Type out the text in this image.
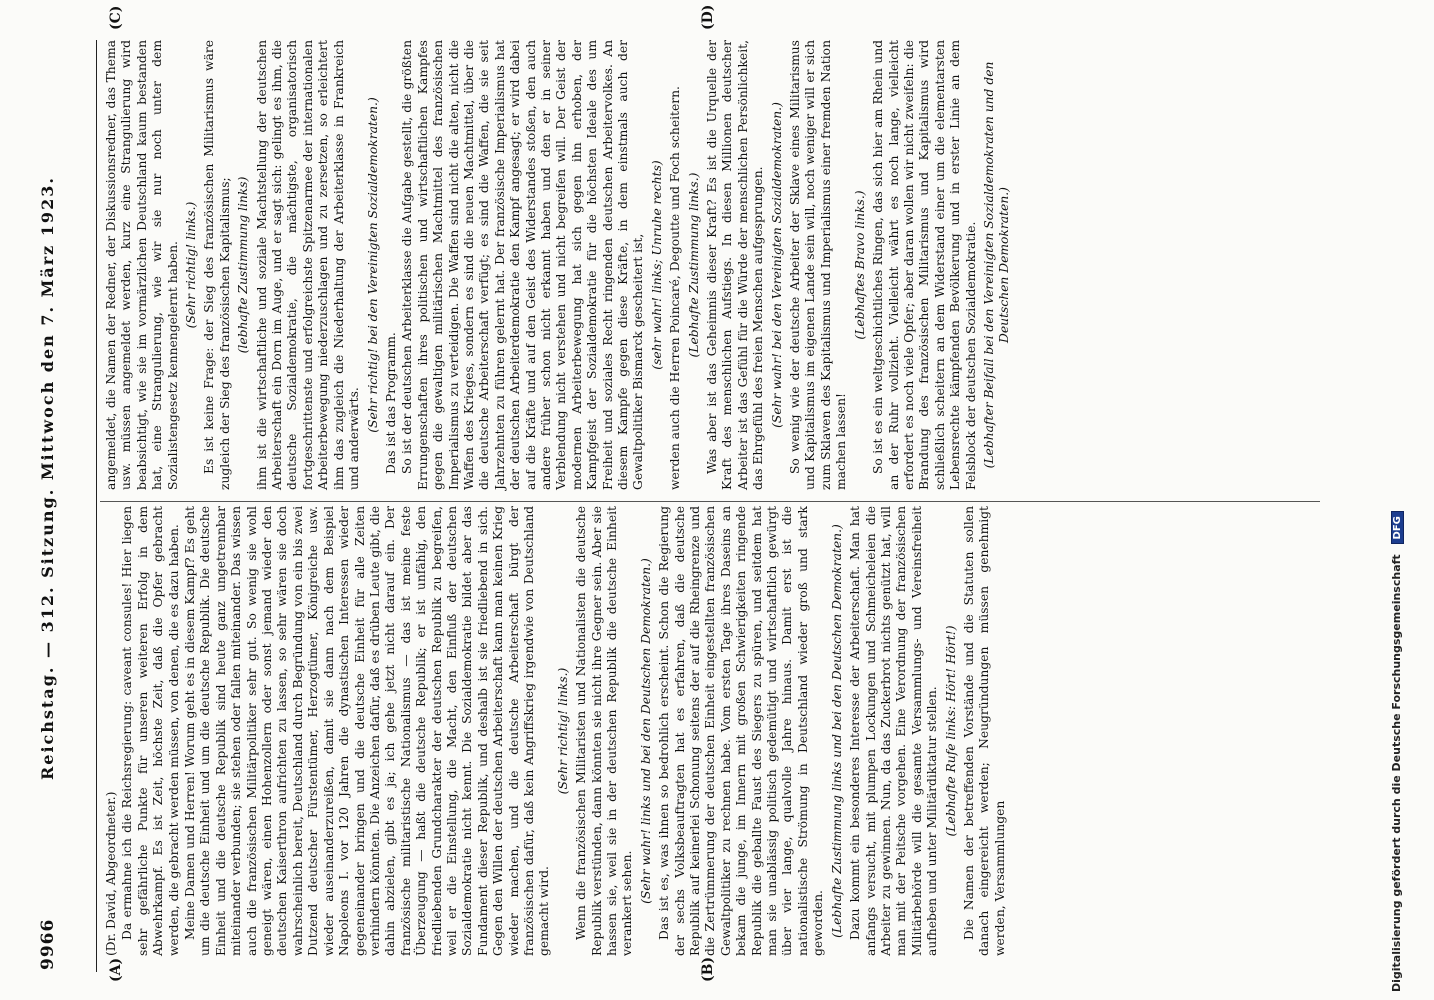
9966
Reichstag. — 312. Sitzung. Mittwoch den 7. März 1923.
(A)	(B)
(C)	(D)

(Dr. David, Abgeordneter.) Da ermahne ich die Reichsregierung: caveant consules! Hier liegen sehr gefährliche Punkte für unseren weiteren Erfolg in dem Abwehrkampf. Es ist Zeit, höchste Zeit, daß die Opfer gebracht werden, die gebracht werden müssen, von denen, die es dazu haben. Meine Damen und Herren! Worum geht es in diesem Kampf? Es geht um die deutsche Einheit und um die deutsche Republik. Die deutsche Einheit und die deutsche Republik sind heute ganz ungetrennbar miteinander verbunden; sie stehen oder fallen miteinander. Das wissen auch die französischen Militärpolitiker sehr gut. So wenig sie wohl geneigt wären, einen Hohenzollern oder sonst jemand wieder den deutschen Kaiserthron aufrichten zu lassen, so sehr wären sie doch wahrscheinlich bereit, Deutschland durch Begründung von ein bis zwei Dutzend deutscher Fürstentümer, Herzogtümer, Königreiche usw. wieder auseinanderzureißen, damit sie dann nach dem Beispiel Napoleons I. vor 120 Jahren die dynastischen Interessen wieder gegeneinander bringen und die deutsche Einheit für alle Zeiten verhindern könnten. Die Anzeichen dafür, daß es drüben Leute gibt, die dahin abzielen, gibt es ja; ich gehe jetzt nicht darauf ein. Der französische militaristische Nationalismus — das ist meine feste Überzeugung — haßt die deutsche Republik; er ist unfähig, den friedliebenden Grundcharakter der deutschen Republik zu begreifen, weil er die Einstellung, die Macht, den Einfluß der deutschen Sozialdemokratie nicht kennt. Die Sozialdemokratie bildet aber das Fundament dieser Republik, und deshalb ist sie friedliebend in sich. Gegen den Willen der deutschen Arbeiterschaft kann man keinen Krieg wieder machen, und die deutsche Arbeiterschaft bürgt der französischen dafür, daß kein Angriffskrieg irgendwie von Deutschland gemacht wird.

(Sehr richtig! links.) Wenn die französischen Militaristen und Nationalisten die deutsche Republik verstünden, dann könnten sie nicht ihre Gegner sein. Aber sie hassen sie, weil sie in der deutschen Republik die deutsche Einheit verankert sehen. (Sehr wahr! links und bei den Deutschen Demokraten.) Das ist es, was ihnen so bedrohlich erscheint. Schon die Regierung der sechs Volksbeauftragten hat es erfahren, daß die deutsche Republik auf keinerlei Schonung seitens der auf die Rheingrenze und die Zertrümmerung der deutschen Einheit eingestellten französischen Gewaltpolitiker zu rechnen habe. Vom ersten Tage ihres Daseins an bekam die junge, im Innern mit großen Schwierigkeiten ringende Republik die geballte Faust des Siegers zu spüren, und seitdem hat man sie unablässig politisch gedemütigt und wirtschaftlich gewürgt über vier lange, qualvolle Jahre hinaus. Damit erst ist die nationalistische Strömung in Deutschland wieder groß und stark geworden. (Lebhafte Zustimmung links und bei den Deutschen Demokraten.) Dazu kommt ein besonderes Interesse der Arbeiterschaft. Man hat anfangs versucht, mit plumpen Lockungen und Schmeicheleien die Arbeiter zu gewinnen. Nun, da das Zuckerbrot nichts genützt hat, will man mit der Peitsche vorgehen. Eine Verordnung der französischen Militärbehörde will die gesamte Versammlungs- und Vereinsfreiheit aufheben und unter Militärdiktatur stellen. (Lebhafte Rufe links: Hört! Hört!) Die Namen der betreffenden Vorstände und die Statuten sollen danach eingereicht werden; Neugründungen müssen genehmigt werden, Versammlungen

angemeldet, die Namen der Redner, der Diskussionsredner, das Thema usw. müssen angemeldet werden, kurz eine Strangulierung wird beabsichtigt, wie sie im vormärzlichen Deutschland kaum bestanden hat, eine Strangulierung, wie wir sie nur noch unter dem Sozialistengesetz kennengelernt haben. (Sehr richtig! links.) Es ist keine Frage: der Sieg des französischen Militarismus wäre zugleich der Sieg des französischen Kapitalismus; (lebhafte Zustimmung links) ihm ist die wirtschaftliche und soziale Machtstellung der deutschen Arbeiterschaft ein Dorn im Auge, und er sagt sich: gelingt es ihm, die deutsche Sozialdemokratie, die mächtigste, organisatorisch fortgeschrittenste und erfolgreichste Spitzenarmee der internationalen Arbeiterbewegung niederzuschlagen und zu zersetzen, so erleichtert ihm das zugleich die Niederhaltung der Arbeiterklasse in Frankreich und anderwärts.

(Sehr richtig! bei den Vereinigten Sozialdemokraten.) Das ist das Programm. So ist der deutschen Arbeiterklasse die Aufgabe gestellt, die größten Errungenschaften ihres politischen und wirtschaftlichen Kampfes gegen die gewaltigen militärischen Machtmittel des französischen Imperialismus zu verteidigen. Die Waffen sind nicht die alten, nicht die Waffen des Krieges, sondern es sind die neuen Machtmittel, über die die deutsche Arbeiterschaft verfügt; es sind die Waffen, die sie seit Jahrzehnten zu führen gelernt hat. Der französische Imperialismus hat der deutschen Arbeiterdemokratie den Kampf angesagt; er wird dabei auf die Kräfte und auf den Geist des Widerstandes stoßen, den auch andere früher schon nicht erkannt haben und den er in seiner Verblendung nicht verstehen und nicht begreifen will. Der Geist der modernen Arbeiterbewegung hat sich gegen ihn erhoben, der Kampfgeist der Sozialdemokratie für die höchsten Ideale des um Freiheit und soziales Recht ringenden deutschen Arbeitervolkes. An diesem Kampfe gegen diese Kräfte, in dem einstmals auch der Gewaltpolitiker Bismarck gescheitert ist, (sehr wahr! links; Unruhe rechts) werden auch die Herren Poincaré, Degoutte und Foch scheitern. (Lebhafte Zustimmung links.) Was aber ist das Geheimnis dieser Kraft? Es ist die Urquelle der Kraft des menschlichen Aufstiegs. In diesen Millionen deutscher Arbeiter ist das Gefühl für die Würde der menschlichen Persönlichkeit, das Ehrgefühl des freien Menschen aufgesprungen. (Sehr wahr! bei den Vereinigten Sozialdemokraten.) So wenig wie der deutsche Arbeiter der Sklave eines Militarismus und Kapitalismus im eigenen Lande sein will, noch weniger will er sich zum Sklaven des Kapitalismus und Imperialismus einer fremden Nation machen lassen!

(Lebhaftes Bravo links.) So ist es ein weltgeschichtliches Ringen, das sich hier am Rhein und an der Ruhr vollzieht. Vielleicht währt es noch lange, vielleicht erfordert es noch viele Opfer; aber daran wollen wir nicht zweifeln: die Brandung des französischen Militarismus und Kapitalismus wird schließlich scheitern an dem Widerstand einer um die elementarsten Lebensrechte kämpfenden Bevölkerung und in erster Linie an dem Felsblock der deutschen Sozialdemokratie. (Lebhafter Beifall bei den Vereinigten Sozialdemokraten und den Deutschen Demokraten.)

Digitalisierung gefördert durch die Deutsche Forschungsgemeinschaft DFG
